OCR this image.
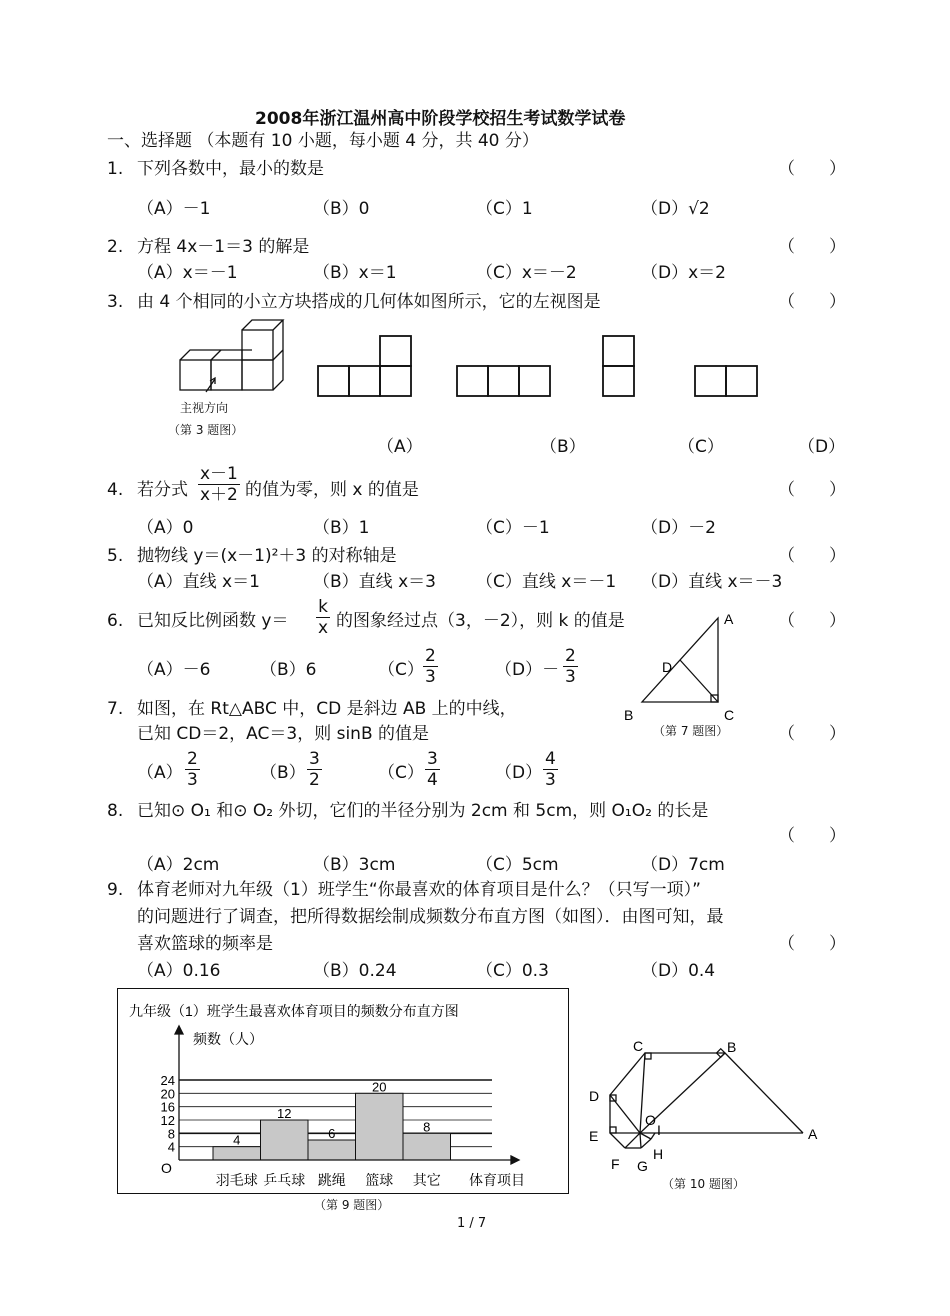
2008年浙江温州高中阶段学校招生考试数学试卷
一、选择题 （本题有 10 小题，每小题 4 分，共 40 分）
1. 下列各数中，最小的数是	（　　）
（A）－1	（B）0	（C）1	（D）√2
2. 方程 4x－1＝3 的解是	（　　）
（A）x＝－1	（B）x＝1	（C）x＝－2	（D）x＝2
3. 由 4 个相同的小立方块搭成的几何体如图所示，它的左视图是	（　　）
主视方向
（第 3 题图）
（A）	（B）	（C）	（D）
4. 若分式 $\frac{x-1}{x+2}$ 的值为零，则 x 的值是	（　　）
（A）0	（B）1	（C）－1	（D）－2
5. 抛物线 y＝(x－1)²＋3 的对称轴是	（　　）
（A）直线 x＝1	（B）直线 x＝3 （C）直线 x＝－1 （D）直线 x＝－3
6. 已知反比例函数 $y= \frac{k}{x}$ 的图象经过点（3，－2），则 k 的值是	（　　）
（A）－6	（B）6	$(C) \frac{2}{3}$	$(D)- \frac{2}{3}$
A
D
B	C
（第 7 题图）
7. 如图，在 Rt△ABC 中，CD 是斜边 AB 上的中线，
已知 CD＝2，AC＝3，则 sinB 的值是	（　　）
$(A) \frac{2}{3}$	$(B) \frac{3}{2}$	$(C) \frac{3}{4}$	$(D) \frac{4}{3}$
8. 已知⊙ O₁ 和⊙ O₂ 外切，它们的半径分别为 2cm 和 5cm，则 O₁O₂ 的长是
（　　）
（A）2cm	（B）3cm	（C）5cm	（D）7cm
9. 体育老师对九年级（1）班学生“你最喜欢的体育项目是什么？（只写一项）”
的问题进行了调查，把所得数据绘制成频数分布直方图（如图）．由图可知，最
喜欢篮球的频率是	（　　）
（A）0.16	（B）0.24	（C）0.3	（D）0.4
九年级（1）班学生最喜欢体育项目的频数分布直方图
频数（人）
O
体育项目
4
8
12
16
20
24
4
羽毛球
12
乒乓球
6
跳绳
20
篮球
8
其它
（第 9 题图）
C	B
D
E
O
I	A
F G
H
（第 10 题图）
1 / 7
